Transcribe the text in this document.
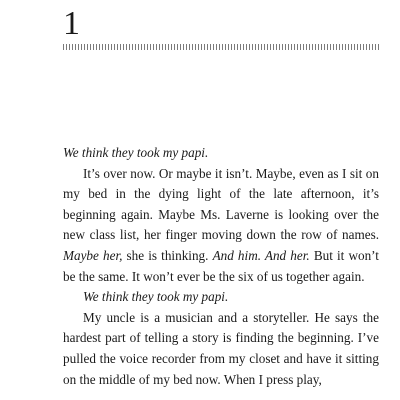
1

We think they took my papi.

It’s over now. Or maybe it isn’t. Maybe, even as I sit on my bed in the dying light of the late afternoon, it’s beginning again. Maybe Ms. Laverne is looking over the new class list, her finger moving down the row of names. Maybe her, she is thinking. And him. And her. But it won’t be the same. It won’t ever be the six of us together again.

We think they took my papi.

My uncle is a musician and a storyteller. He says the hardest part of telling a story is finding the beginning. I’ve pulled the voice recorder from my closet and have it sitting on the middle of my bed now. When I press play,
